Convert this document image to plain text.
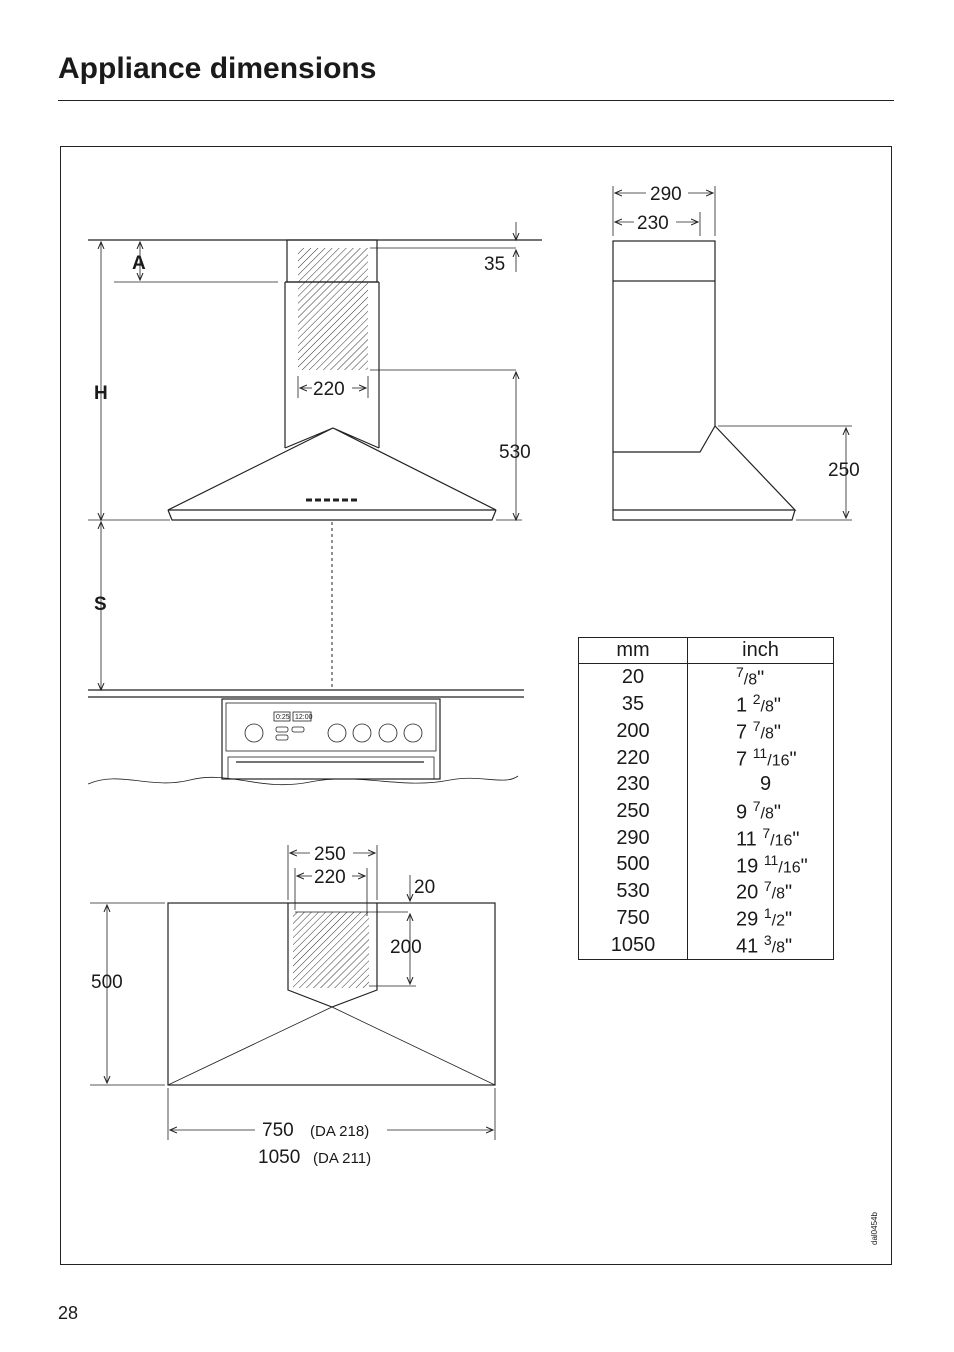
Appliance dimensions
A
H
S
35
220
530
0:25 12:00
290
230
250
250
220	20
200
500
750 (DA 218)
1050 (DA 211)
mm	inch
20	$^7$/8"
35	1 $^2$/8"
200	7 $^7$/8"
220	7 $^{11}$/16"
230	9
250	9 $^7$/8"
290	11 $^7$/16"
500	19 $^{11}$/16"
530	20 $^7$/8"
750	29 $^1$/2"
1050	41 $^3$/8"
dal0454b
28
